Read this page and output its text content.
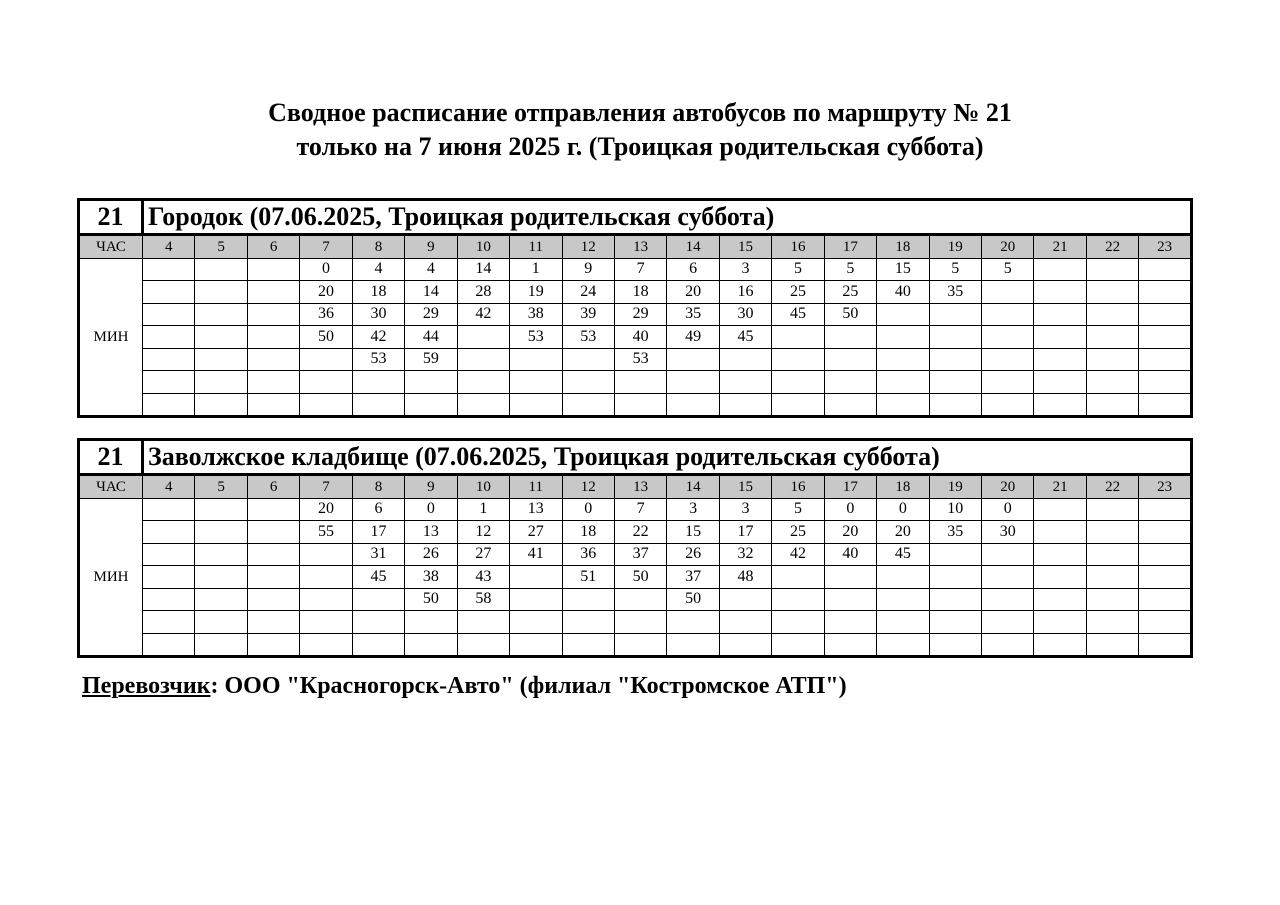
Сводное расписание отправления автобусов по маршруту № 21
только на 7 июня 2025 г. (Троицкая родительская суббота)
21	Городок (07.06.2025, Троицкая родительская суббота)																			
ЧАС	4	5	6	7	8	9	10	11	12	13	14	15	16	17	18	19	20	21	22	23
МИН				0	4	4	14	1	9	7	6	3	5	5	15	5	5			
				20	18	14	28	19	24	18	20	16	25	25	40	35				
				36	30	29	42	38	39	29	35	30	45	50						
				50	42	44		53	53	40	49	45								
					53	59				53										

21	Заволжское кладбище (07.06.2025, Троицкая родительская суббота)																			
ЧАС	4	5	6	7	8	9	10	11	12	13	14	15	16	17	18	19	20	21	22	23
МИН				20	6	0	1	13	0	7	3	3	5	0	0	10	0			
				55	17	13	12	27	18	22	15	17	25	20	20	35	30			
					31	26	27	41	36	37	26	32	42	40	45					
					45	38	43		51	50	37	48								
						50	58				50									

Перевозчик: ООО "Красногорск-Авто" (филиал "Костромское АТП")
